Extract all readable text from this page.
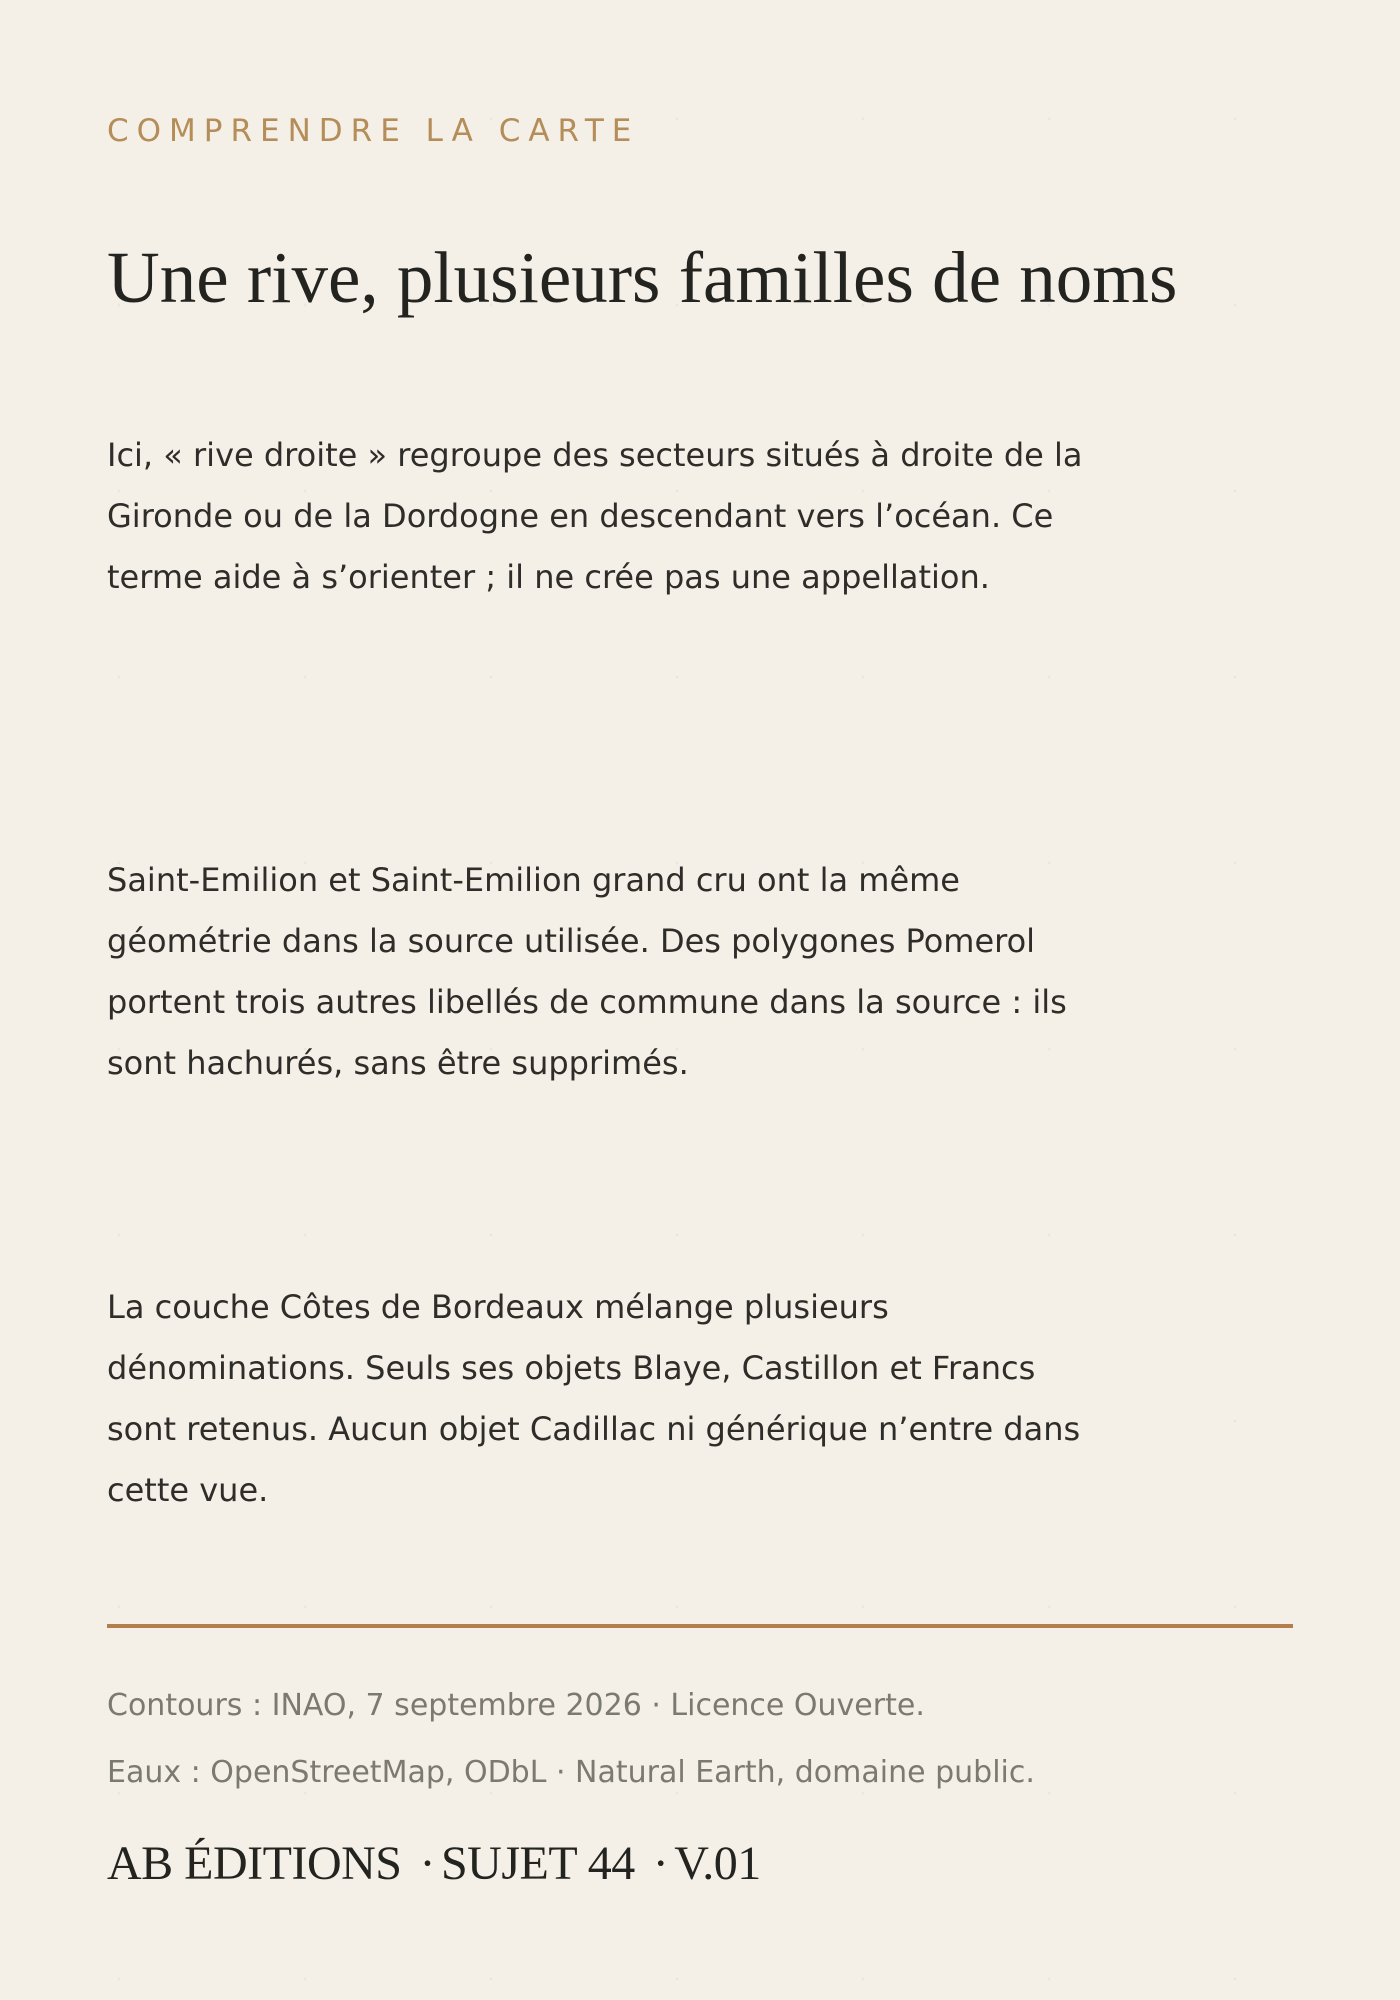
COMPRENDRE LA CARTE
Une rive, plusieurs familles de noms

Ici, « rive droite » regroupe des secteurs situés à droite de la Gironde ou de la Dordogne en descendant vers l’océan. Ce terme aide à s’orienter ; il ne crée pas une appellation.

Saint-Emilion et Saint-Emilion grand cru ont la même géométrie dans la source utilisée. Des polygones Pomerol portent trois autres libellés de commune dans la source : ils sont hachurés, sans être supprimés.

La couche Côtes de Bordeaux mélange plusieurs dénominations. Seuls ses objets Blaye, Castillon et Francs sont retenus. Aucun objet Cadillac ni générique n’entre dans cette vue.

Contours : INAO, 7 septembre 2026 · Licence Ouverte.

Eaux : OpenStreetMap, ODbL · Natural Earth, domaine public.

AB ÉDITIONS · SUJET 44 · V.01
